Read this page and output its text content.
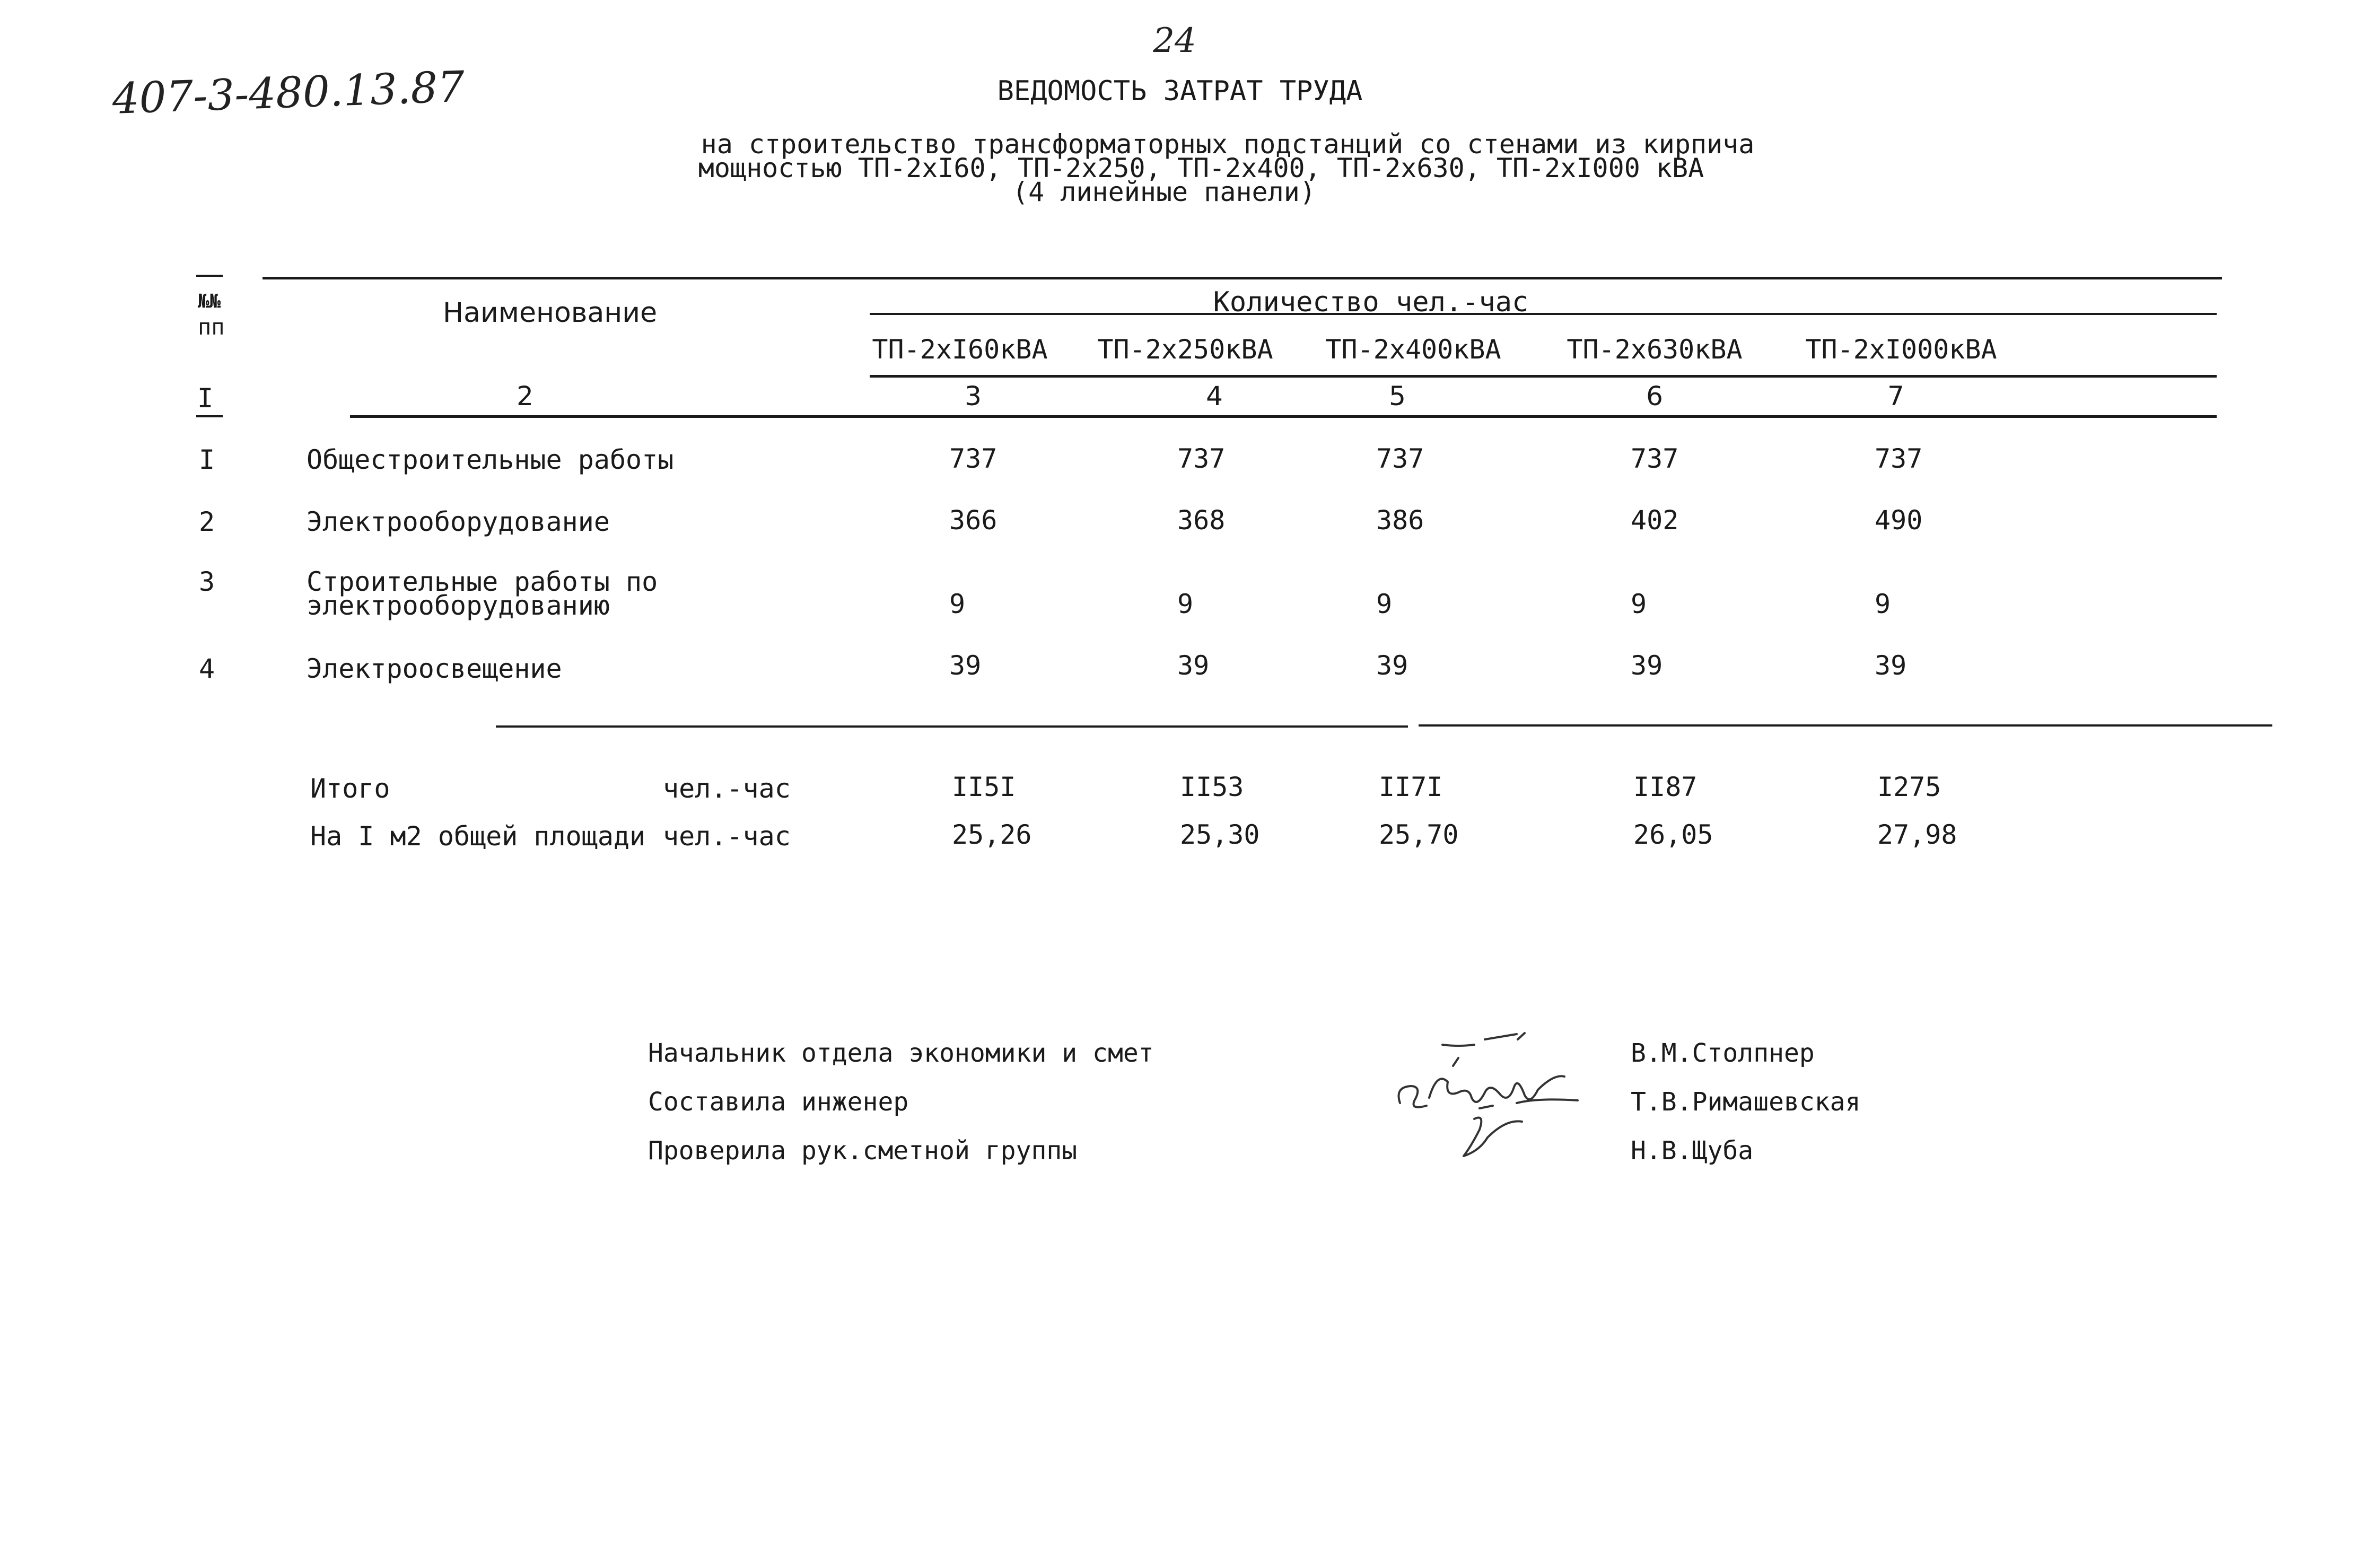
24
407-3-480.13.87	ВЕДОМОСТЬ ЗАТРАТ ТРУДА
на строительство трансформаторных подстанций со стенами из кирпича
мощностью ТП-2хI60, ТП-2х250, ТП-2х400, ТП-2х630, ТП-2хI000 кВА
(4 линейные панели)
№№
пп	Наименование	Количество чел.-час
ТП-2хI60кВА ТП-2х250кВА ТП-2х400кВА ТП-2х630кВА ТП-2хI000кВА
I	2	3	4	5	6	7
I	Общестроительные работы	737	737	737	737	737
2	Электрооборудование	366	368	386	402	490
3	Строительные работы по
электрооборудованию	9	9	9	9	9
4	Электроосвещение	39	39	39	39	39
Итого	чел.-час	II5I	II53	II7I	II87	I275
На I м2 общей площади чел.-час	25,26	25,30	25,70	26,05	27,98
Начальник отдела экономики и смет
Составила инженер
Проверила рук.сметной группы
В.М.Столпнер
Т.В.Римашевская
Н.В.Щуба
